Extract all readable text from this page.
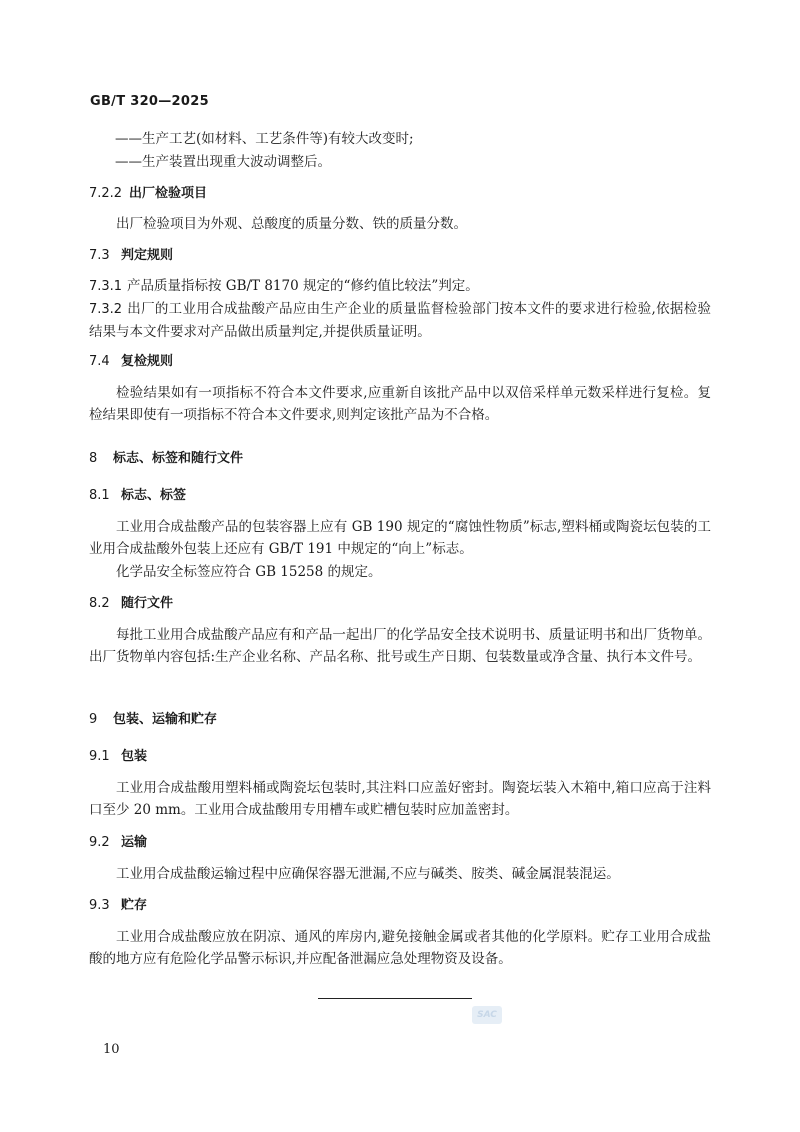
GB/T 320—2025
——生产工艺(如材料、工艺条件等)有较大改变时;
——生产装置出现重大波动调整后。
7.2.2 出厂检验项目
出厂检验项目为外观、总酸度的质量分数、铁的质量分数。
7.3 判定规则
7.3.1 产品质量指标按 GB/T 8170 规定的“修约值比较法”判定。
7.3.2 出厂的工业用合成盐酸产品应由生产企业的质量监督检验部门按本文件的要求进行检验,依据检验结果与本文件要求对产品做出质量判定,并提供质量证明。
7.4 复检规则
检验结果如有一项指标不符合本文件要求,应重新自该批产品中以双倍采样单元数采样进行复检。复检结果即使有一项指标不符合本文件要求,则判定该批产品为不合格。
8 标志、标签和随行文件
8.1 标志、标签
工业用合成盐酸产品的包装容器上应有 GB 190 规定的“腐蚀性物质”标志,塑料桶或陶瓷坛包装的工业用合成盐酸外包装上还应有 GB/T 191 中规定的“向上”标志。
化学品安全标签应符合 GB 15258 的规定。
8.2 随行文件
每批工业用合成盐酸产品应有和产品一起出厂的化学品安全技术说明书、质量证明书和出厂货物单。出厂货物单内容包括:生产企业名称、产品名称、批号或生产日期、包装数量或净含量、执行本文件号。
9 包装、运输和贮存
9.1 包装
工业用合成盐酸用塑料桶或陶瓷坛包装时,其注料口应盖好密封。陶瓷坛装入木箱中,箱口应高于注料口至少 20 mm。工业用合成盐酸用专用槽车或贮槽包装时应加盖密封。
9.2 运输
工业用合成盐酸运输过程中应确保容器无泄漏,不应与碱类、胺类、碱金属混装混运。
9.3 贮存
工业用合成盐酸应放在阴凉、通风的库房内,避免接触金属或者其他的化学原料。贮存工业用合成盐酸的地方应有危险化学品警示标识,并应配备泄漏应急处理物资及设备。
SAC
10
